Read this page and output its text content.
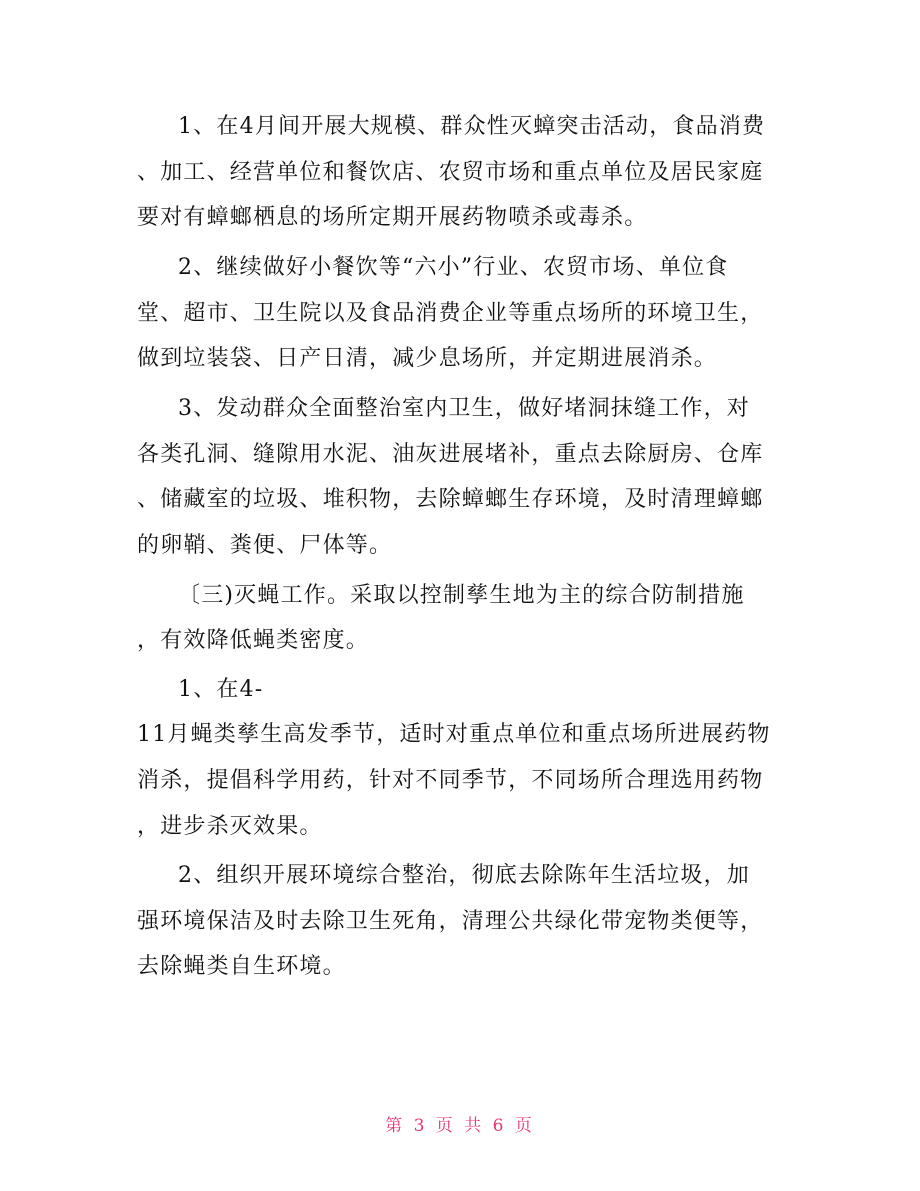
1、在4月间开展大规模、群众性灭蟑突击活动，食品消费
、加工、经营单位和餐饮店、农贸市场和重点单位及居民家庭
要对有蟑螂栖息的场所定期开展药物喷杀或毒杀。
2、继续做好小餐饮等“六小”行业、农贸市场、单位食
堂、超市、卫生院以及食品消费企业等重点场所的环境卫生，
做到垃装袋、日产日清，减少息场所，并定期进展消杀。
3、发动群众全面整治室内卫生，做好堵洞抹缝工作，对
各类孔洞、缝隙用水泥、油灰进展堵补，重点去除厨房、仓库
、储藏室的垃圾、堆积物，去除蟑螂生存环境，及时清理蟑螂
的卵鞘、粪便、尸体等。
〔三)灭蝇工作。采取以控制孳生地为主的综合防制措施
，有效降低蝇类密度。
1、在4-
11月蝇类孳生高发季节，适时对重点单位和重点场所进展药物
消杀，提倡科学用药，针对不同季节，不同场所合理选用药物
，进步杀灭效果。
2、组织开展环境综合整治，彻底去除陈年生活垃圾，加
强环境保洁及时去除卫生死角，清理公共绿化带宠物类便等，
去除蝇类自生环境。
第 3 页 共 6 页
